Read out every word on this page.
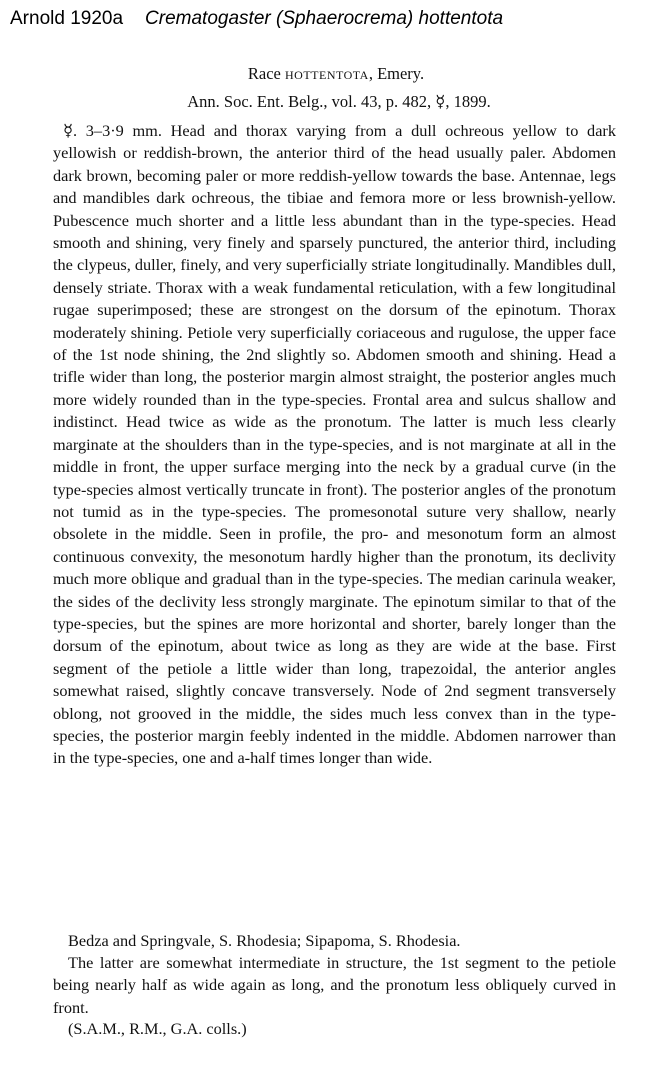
Arnold 1920a Crematogaster (Sphaerocrema) hottentota
Race hottentota, Emery.
Ann. Soc. Ent. Belg., vol. 43, p. 482, ☿, 1899.

☿. 3–3·9 mm. Head and thorax varying from a dull ochreous yellow to dark yellowish or reddish-brown, the anterior third of the head usually paler. Abdomen dark brown, becoming paler or more reddish-yellow towards the base. Antennae, legs and mandibles dark ochreous, the tibiae and femora more or less brownish-yellow. Pubescence much shorter and a little less abundant than in the type-species. Head smooth and shining, very finely and sparsely punctured, the anterior third, including the clypeus, duller, finely, and very superficially striate longitudinally. Mandibles dull, densely striate. Thorax with a weak fundamental reticulation, with a few longitudinal rugae superimposed; these are strongest on the dorsum of the epinotum. Thorax moderately shining. Petiole very superficially coriaceous and rugulose, the upper face of the 1st node shining, the 2nd slightly so. Abdomen smooth and shining. Head a trifle wider than long, the posterior margin almost straight, the posterior angles much more widely rounded than in the type-species. Frontal area and sulcus shallow and indistinct. Head twice as wide as the pronotum. The latter is much less clearly marginate at the shoulders than in the type-species, and is not marginate at all in the middle in front, the upper surface merging into the neck by a gradual curve (in the type-species almost vertically truncate in front). The posterior angles of the pronotum not tumid as in the type-species. The promesonotal suture very shallow, nearly obsolete in the middle. Seen in profile, the pro- and mesonotum form an almost continuous convexity, the mesonotum hardly higher than the pronotum, its declivity much more oblique and gradual than in the type-species. The median carinula weaker, the sides of the declivity less strongly marginate. The epinotum similar to that of the type-species, but the spines are more horizontal and shorter, barely longer than the dorsum of the epinotum, about twice as long as they are wide at the base. First segment of the petiole a little wider than long, trapezoidal, the anterior angles somewhat raised, slightly concave transversely. Node of 2nd segment transversely oblong, not grooved in the middle, the sides much less convex than in the type-species, the posterior margin feebly indented in the middle. Abdomen narrower than in the type-species, one and a-half times longer than wide.

Bedza and Springvale, S. Rhodesia; Sipapoma, S. Rhodesia.

The latter are somewhat intermediate in structure, the 1st segment to the petiole being nearly half as wide again as long, and the pronotum less obliquely curved in front.

(S.A.M., R.M., G.A. colls.)
